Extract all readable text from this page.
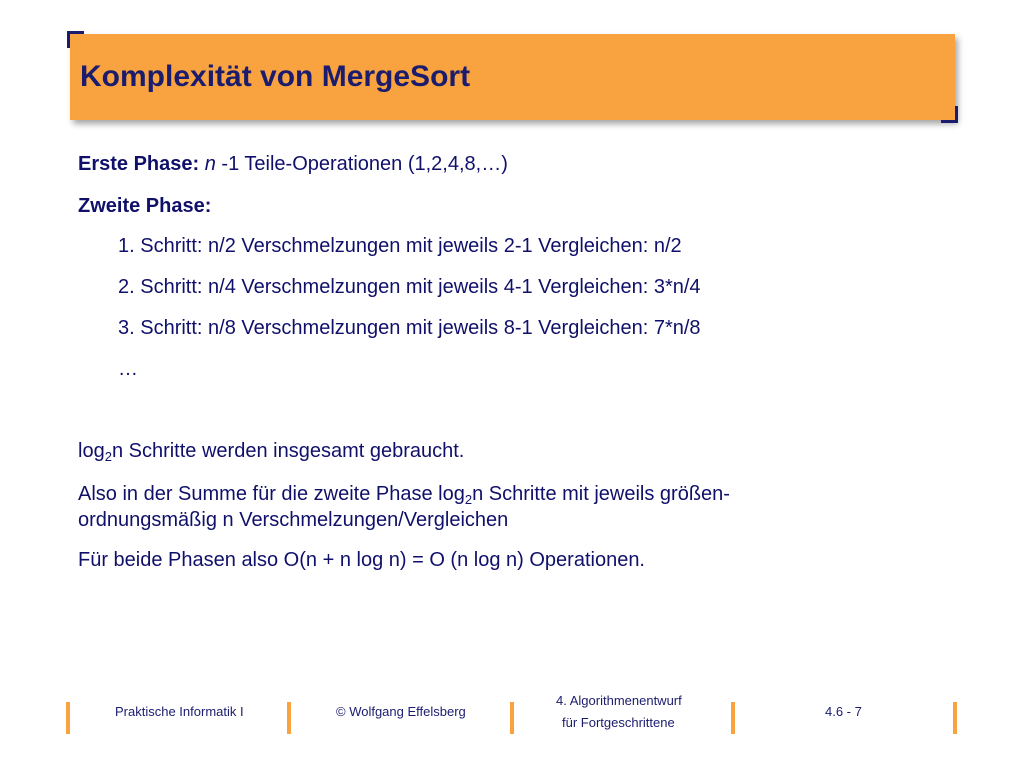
Komplexität von MergeSort
Erste Phase: n -1 Teile-Operationen (1,2,4,8,…)
Zweite Phase:
1. Schritt: n/2 Verschmelzungen mit jeweils 2-1 Vergleichen: n/2
2. Schritt: n/4 Verschmelzungen mit jeweils 4-1 Vergleichen: 3*n/4
3. Schritt: n/8 Verschmelzungen mit jeweils 8-1 Vergleichen: 7*n/8
…
$\log_2n$ Schritte werden insgesamt gebraucht.
Also in der Summe für die zweite Phase $\log_2n$ Schritte mit jeweils größen-
ordnungsmäßig n Verschmelzungen/Vergleichen
Für beide Phasen also O(n + n log n) = O (n log n) Operationen.
Praktische Informatik I	© Wolfgang Effelsberg
4. Algorithmenentwurf
für Fortgeschrittene
4.6 - 7
